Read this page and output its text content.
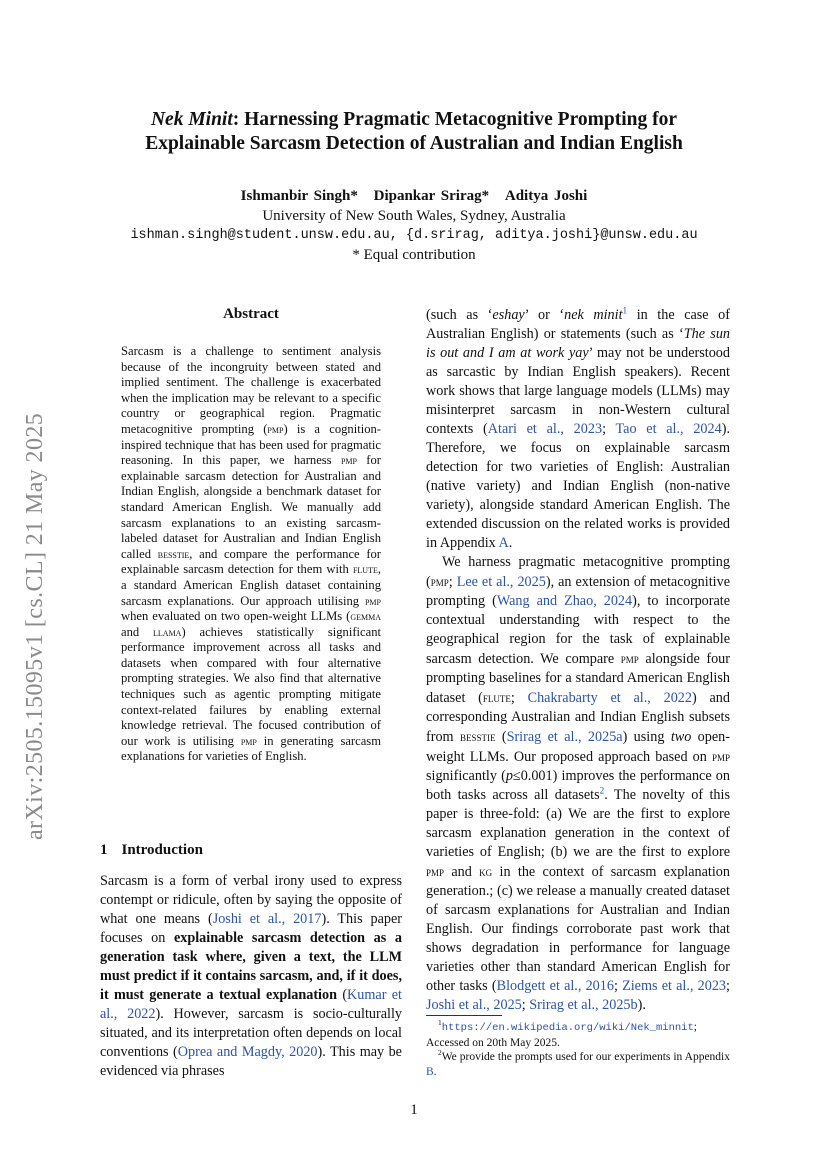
arXiv:2505.15095v1 [cs.CL] 21 May 2025
Nek Minit: Harnessing Pragmatic Metacognitive Prompting for
Explainable Sarcasm Detection of Australian and Indian English
Ishmanbir Singh* Dipankar Srirag* Aditya Joshi
University of New South Wales, Sydney, Australia
ishman.singh@student.unsw.edu.au, {d.srirag, aditya.joshi}@unsw.edu.au
* Equal contribution
Abstract
Sarcasm is a challenge to sentiment analysis because of the incongruity between stated and implied sentiment. The challenge is exacerbated when the implication may be relevant to a specific country or geographical region. Pragmatic metacognitive prompting (pmp) is a cognition-inspired technique that has been used for pragmatic reasoning. In this paper, we harness pmp for explainable sarcasm detection for Australian and Indian English, alongside a benchmark dataset for standard American English. We manually add sarcasm explanations to an existing sarcasm-labeled dataset for Australian and Indian English called besstie, and compare the performance for explainable sarcasm detection for them with flute, a standard American English dataset containing sarcasm explanations. Our approach utilising pmp when evaluated on two open-weight LLMs (gemma and llama) achieves statistically significant performance improvement across all tasks and datasets when compared with four alternative prompting strategies. We also find that alternative techniques such as agentic prompting mitigate context-related failures by enabling external knowledge retrieval. The focused contribution of our work is utilising pmp in generating sarcasm explanations for varieties of English.
1 Introduction
Sarcasm is a form of verbal irony used to express contempt or ridicule, often by saying the opposite of what one means (Joshi et al., 2017). This paper focuses on explainable sarcasm detection as a generation task where, given a text, the LLM must predict if it contains sarcasm, and, if it does, it must generate a textual explanation (Kumar et al., 2022). However, sarcasm is socio-culturally situated, and its interpretation often depends on local conventions (Oprea and Magdy, 2020). This may be evidenced via phrases

(such as ‘eshay’ or ‘nek minit$^1$ in the case of Australian English) or statements (such as ‘The sun is out and I am at work yay’ may not be understood as sarcastic by Indian English speakers). Recent work shows that large language models (LLMs) may misinterpret sarcasm in non-Western cultural contexts (Atari et al., 2023; Tao et al., 2024). Therefore, we focus on explainable sarcasm detection for two varieties of English: Australian (native variety) and Indian English (non-native variety), alongside standard American English. The extended discussion on the related works is provided in Appendix A.

We harness pragmatic metacognitive prompting (pmp; Lee et al., 2025), an extension of metacognitive prompting (Wang and Zhao, 2024), to incorporate contextual understanding with respect to the geographical region for the task of explainable sarcasm detection. We compare pmp alongside four prompting baselines for a standard American English dataset (flute; Chakrabarty et al., 2022) and corresponding Australian and Indian English subsets from besstie (Srirag et al., 2025a) using two open-weight LLMs. Our proposed approach based on pmp significantly (p≤0.001) improves the performance on both tasks across all datasets$^2$. The novelty of this paper is three-fold: (a) We are the first to explore sarcasm explanation generation in the context of varieties of English; (b) we are the first to explore pmp and kg in the context of sarcasm explanation generation.; (c) we release a manually created dataset of sarcasm explanations for Australian and Indian English. Our findings corroborate past work that shows degradation in performance for language varieties other than standard American English for other tasks (Blodgett et al., 2016; Ziems et al., 2023; Joshi et al., 2025; Srirag et al., 2025b).

$^1$https://en.wikipedia.org/wiki/Nek_minnit; Accessed on 20th May 2025.
$^2$We provide the prompts used for our experiments in Appendix B.
1
